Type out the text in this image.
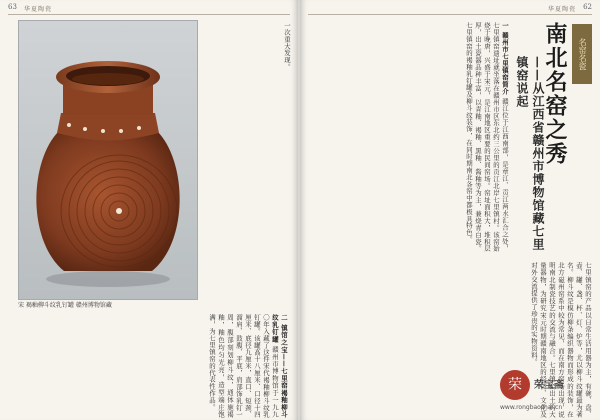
63 华夏陶瓷
宋 褐釉柳斗纹乳钉罐 赣州博物馆藏
一次重大发现。
二 镇馆之宝——七里窑褐釉柳斗纹乳钉罐 赣州市博物馆于一九九〇年入藏了这件宋代褐釉柳斗纹乳钉罐。该罐高十八厘米、口径十四厘米、底径九厘米，直口、短颈、溜肩、鼓腹、平底，肩部饰乳钉一周，腹部刻划柳斗纹，通体施褐釉，釉色均匀光亮，造型端庄饱满，为七里镇窑的代表性作品。
62
华夏陶瓷
名窑名瓷
南北名窑之秀
——从江西省赣州市博物馆藏七里镇窑说起
一 赣州市七里镇窑简介 赣江位于江西南部，是章江、贡江两水汇合之处，七里镇窑遗址就坐落在赣州市区东北约三公里的贡江北岸七里镇村。该窑始烧于晚唐，兴盛于宋元，是江南地区重要的民间窑场。窑址面积大，堆积层厚，出土瓷器品种丰富，以青釉、褐釉、黑釉、酱釉等为主，兼烧青白瓷。七里镇窑的褐釉乳钉罐及柳斗纹装饰，在同时期南北各窑中都极具特色。
七里镇窑的产品以日常生活用器为主，有碗、盘、壶、罐、盏、杯、灯、炉等，尤以柳斗纹罐最为著名。柳斗纹是模仿柳条编织器物而形成的装饰，在北方磁州窑系中较为常见，而在南方窑场出现，说明南北制瓷技艺的交流与融合。七里镇窑出土的大量器物，为研究宋元时期赣南地区的经济、文化及对外交流提供了珍贵的实物资料。
荣	荣宝斋
www.rongbaozhai.cn
